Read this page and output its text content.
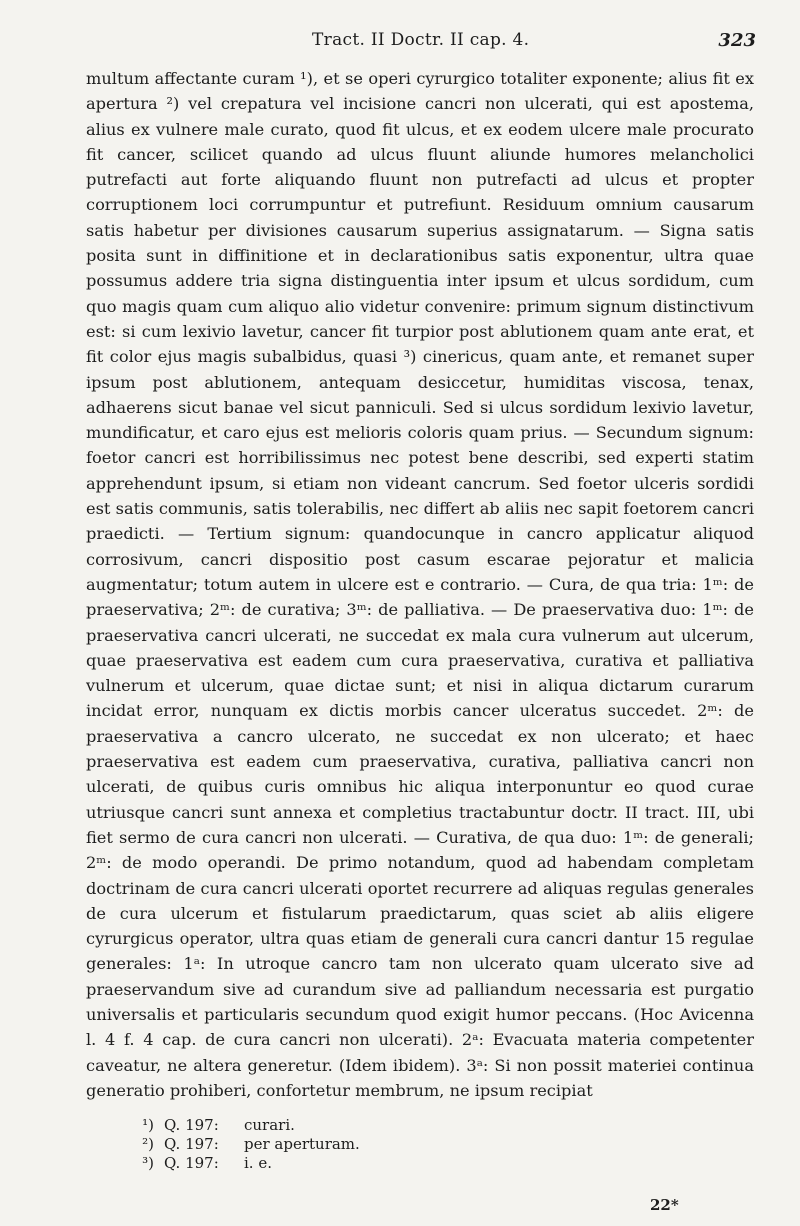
Tract. II Doctr. II cap. 4.	323

multum affectante curam ¹), et se operi cyrurgico totaliter exponente; alius fit ex apertura ²) vel crepatura vel incisione cancri non ulcerati, qui est apostema, alius ex vulnere male curato, quod fit ulcus, et ex eodem ulcere male procurato fit cancer, scilicet quando ad ulcus fluunt aliunde humores melancholici putrefacti aut forte aliquando fluunt non putrefacti ad ulcus et propter corruptionem loci corrumpuntur et putrefiunt. Residuum omnium causarum satis habetur per divisiones causarum superius assignatarum. — Signa satis posita sunt in diffinitione et in declarationibus satis exponentur, ultra quae possumus addere tria signa distinguentia inter ipsum et ulcus sordidum, cum quo magis quam cum aliquo alio videtur convenire: primum signum distinctivum est: si cum lexivio lavetur, cancer fit turpior post ablutionem quam ante erat, et fit color ejus magis subalbidus, quasi ³) cinericus, quam ante, et remanet super ipsum post ablutionem, antequam desiccetur, humiditas viscosa, tenax, adhaerens sicut banae vel sicut panniculi. Sed si ulcus sordidum lexivio lavetur, mundificatur, et caro ejus est melioris coloris quam prius. — Secundum signum: foetor cancri est horribilissimus nec potest bene describi, sed experti statim apprehendunt ipsum, si etiam non videant cancrum. Sed foetor ulceris sordidi est satis communis, satis tolerabilis, nec differt ab aliis nec sapit foetorem cancri praedicti. — Tertium signum: quandocunque in cancro applicatur aliquod corrosivum, cancri dispositio post casum escarae pejoratur et malicia augmentatur; totum autem in ulcere est e contrario. — Cura, de qua tria: 1ᵐ: de praeservativa; 2ᵐ: de curativa; 3ᵐ: de palliativa. — De praeservativa duo: 1ᵐ: de praeservativa cancri ulcerati, ne succedat ex mala cura vulnerum aut ulcerum, quae praeservativa est eadem cum cura praeservativa, curativa et palliativa vulnerum et ulcerum, quae dictae sunt; et nisi in aliqua dictarum curarum incidat error, nunquam ex dictis morbis cancer ulceratus succedet. 2ᵐ: de praeservativa a cancro ulcerato, ne succedat ex non ulcerato; et haec praeservativa est eadem cum praeservativa, curativa, palliativa cancri non ulcerati, de quibus curis omnibus hic aliqua interponuntur eo quod curae utriusque cancri sunt annexa et completius tractabuntur doctr. II tract. III, ubi fiet sermo de cura cancri non ulcerati. — Curativa, de qua duo: 1ᵐ: de generali; 2ᵐ: de modo operandi. De primo notandum, quod ad habendam completam doctrinam de cura cancri ulcerati oportet recurrere ad aliquas regulas generales de cura ulcerum et fistularum praedictarum, quas sciet ab aliis eligere cyrurgicus operator, ultra quas etiam de generali cura cancri dantur 15 regulae generales: 1ᵃ: In utroque cancro tam non ulcerato quam ulcerato sive ad praeservandum sive ad curandum sive ad palliandum necessaria est purgatio universalis et particularis secundum quod exigit humor peccans. (Hoc Avicenna l. 4 f. 4 cap. de cura cancri non ulcerati). 2ᵃ: Evacuata materia competenter caveatur, ne altera generetur. (Idem ibidem). 3ᵃ: Si non possit materiei continua generatio prohiberi, confortetur membrum, ne ipsum recipiat

¹) Q. 197:	curari.
²) Q. 197:	per aperturam.
³) Q. 197:	i. e.
22*
